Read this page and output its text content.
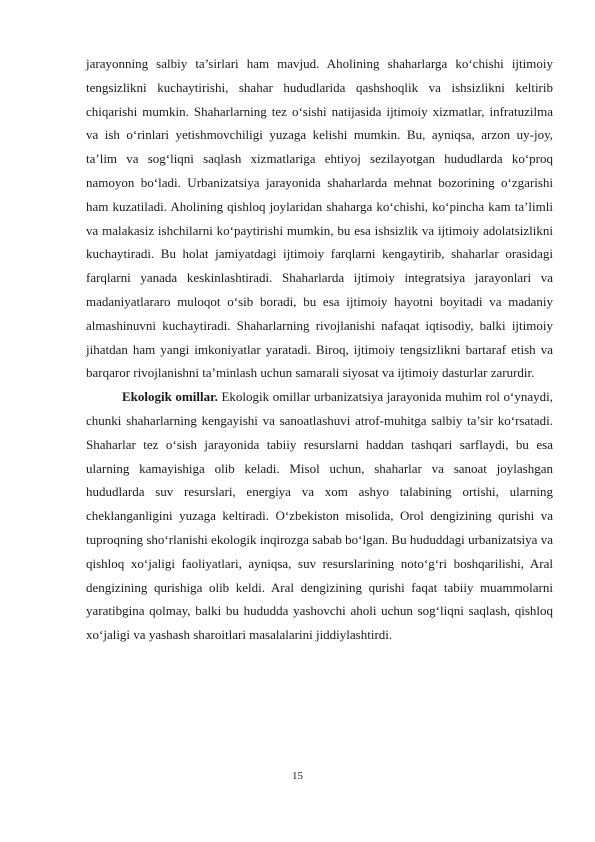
jarayonning salbiy ta’sirlari ham mavjud. Aholining shaharlarga ko‘chishi ijtimoiy tengsizlikni kuchaytirishi, shahar hududlarida qashshoqlik va ishsizlikni keltirib chiqarishi mumkin. Shaharlarning tez o‘sishi natijasida ijtimoiy xizmatlar, infratuzilma va ish o‘rinlari yetishmovchiligi yuzaga kelishi mumkin. Bu, ayniqsa, arzon uy-joy, ta’lim va sog‘liqni saqlash xizmatlariga ehtiyoj sezilayotgan hududlarda ko‘proq namoyon bo‘ladi. Urbanizatsiya jarayonida shaharlarda mehnat bozorining o‘zgarishi ham kuzatiladi. Aholining qishloq joylaridan shaharga ko‘chishi, ko‘pincha kam ta’limli va malakasiz ishchilarni ko‘paytirishi mumkin, bu esa ishsizlik va ijtimoiy adolatsizlikni kuchaytiradi. Bu holat jamiyatdagi ijtimoiy farqlarni kengaytirib, shaharlar orasidagi farqlarni yanada keskinlashtiradi. Shaharlarda ijtimoiy integratsiya jarayonlari va madaniyatlararo muloqot o‘sib boradi, bu esa ijtimoiy hayotni boyitadi va madaniy almashinuvni kuchaytiradi. Shaharlarning rivojlanishi nafaqat iqtisodiy, balki ijtimoiy jihatdan ham yangi imkoniyatlar yaratadi. Biroq, ijtimoiy tengsizlikni bartaraf etish va barqaror rivojlanishni ta’minlash uchun samarali siyosat va ijtimoiy dasturlar zarurdir.

Ekologik omillar. Ekologik omillar urbanizatsiya jarayonida muhim rol o‘ynaydi, chunki shaharlarning kengayishi va sanoatlashuvi atrof-muhitga salbiy ta’sir ko‘rsatadi. Shaharlar tez o‘sish jarayonida tabiiy resurslarni haddan tashqari sarflaydi, bu esa ularning kamayishiga olib keladi. Misol uchun, shaharlar va sanoat joylashgan hududlarda suv resurslari, energiya va xom ashyo talabining ortishi, ularning cheklanganligini yuzaga keltiradi. O‘zbekiston misolida, Orol dengizining qurishi va tuproqning sho‘rlanishi ekologik inqirozga sabab bo‘lgan. Bu hududdagi urbanizatsiya va qishloq xo‘jaligi faoliyatlari, ayniqsa, suv resurslarining noto‘g‘ri boshqarilishi, Aral dengizining qurishiga olib keldi. Aral dengizining qurishi faqat tabiiy muammolarni yaratibgina qolmay, balki bu hududda yashovchi aholi uchun sog‘liqni saqlash, qishloq xo‘jaligi va yashash sharoitlari masalalarini jiddiylashtirdi.

15
